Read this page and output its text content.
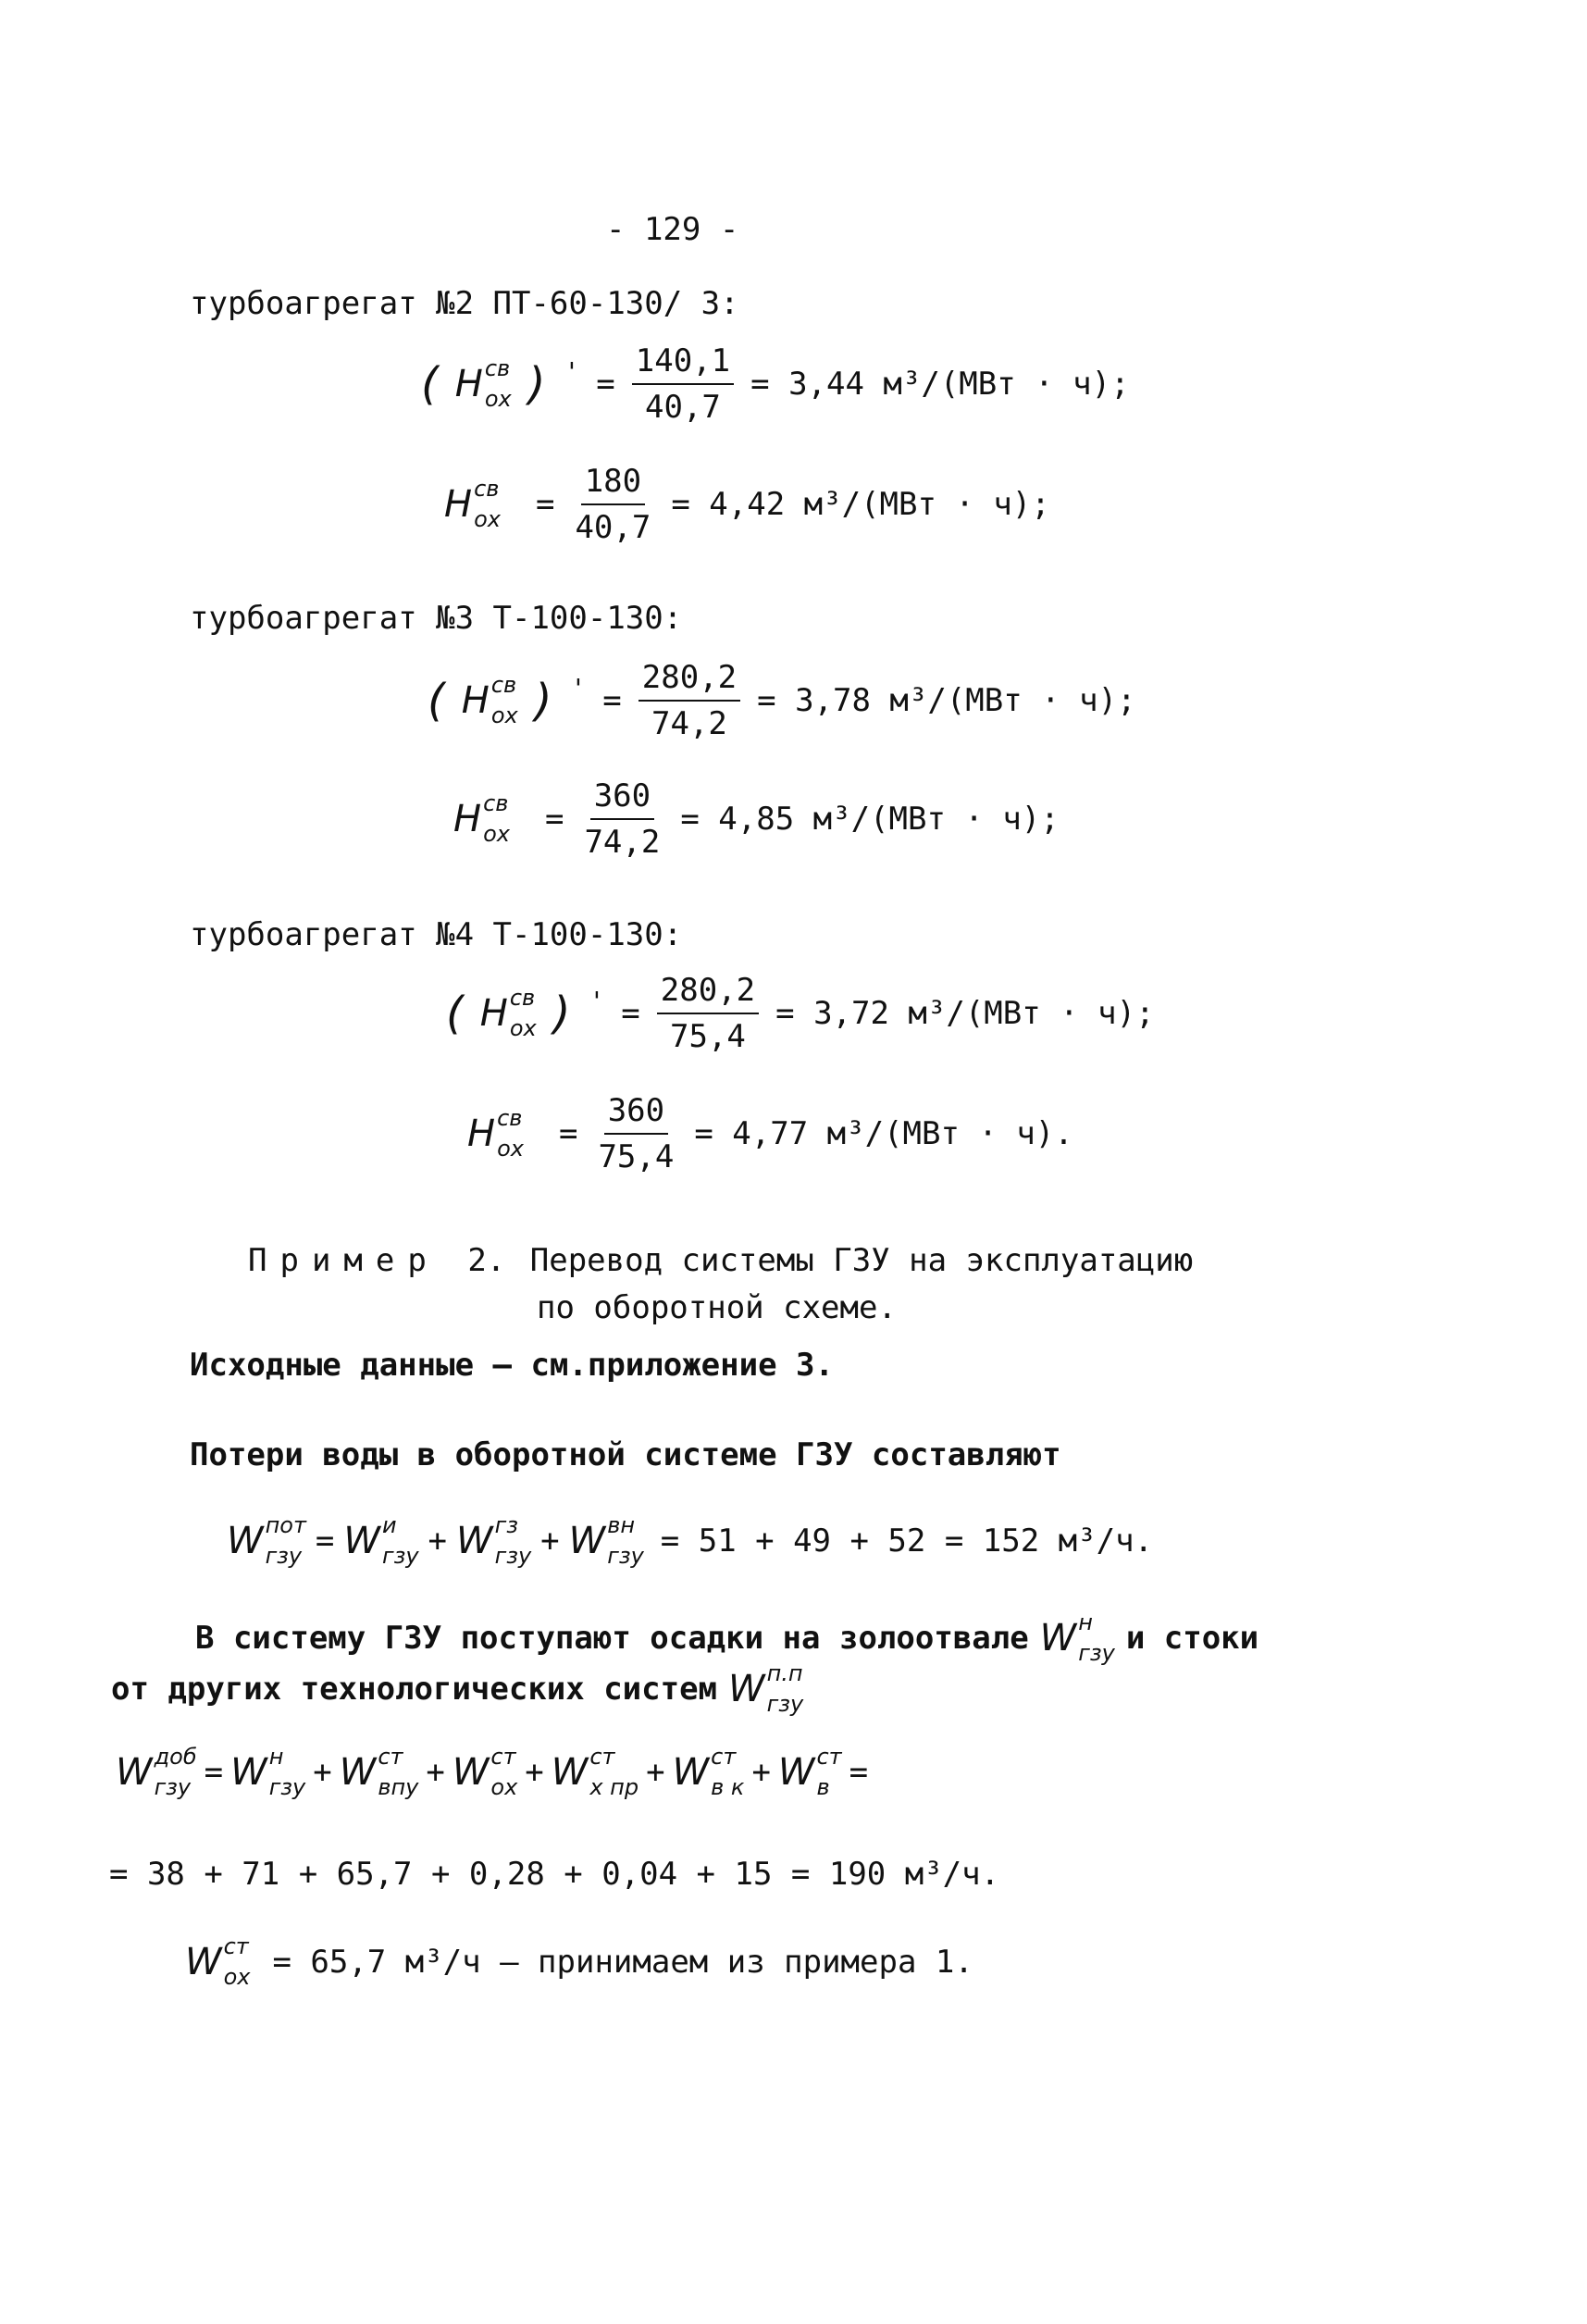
- 129 -
турбоагрегат №2 ПТ-60-130/ 3:
( H св
ох ) ' = $\frac{140,1}{40,7} = 3,44$ м³/(МВт · ч);
H св
ох = $\frac{180}{40,7} = 4,42$ м³/(МВт · ч);
турбоагрегат №3 Т-100-130:
( H св
ох ) ' = $\frac{280,2}{74,2} = 3,78$ м³/(МВт · ч);
H св
ох = $\frac{360}{74,2} = 4,85$ м³/(МВт · ч);
турбоагрегат №4 Т-100-130:
( H св
ох ) ' = $\frac{280,2}{75,4} = 3,72$ м³/(МВт · ч);
H св
ох = $\frac{360}{75,4} = 4,77$ м³/(МВт · ч).
Пример 2. Перевод системы ГЗУ на эксплуатацию
по оборотной схеме.
Исходные данные – см.приложение 3.
Потери воды в оборотной системе ГЗУ составляют
W пот
гзу = W и
гзу + W гз
гзу + W вн
гзу = 51 + 49 + 52 = 152 м³/ч.
В систему ГЗУ поступают осадки на золоотвале W н
гзу и стоки
от других технологических систем W п.п
гзу
W доб
гзу = W н
гзу + W ст
впу + W ст
ох + W ст
х пр + W ст
в к + W ст
в =
= 38 + 71 + 65,7 + 0,28 + 0,04 + 15 = 190 м³/ч.
W ст
ох = 65,7 м³/ч – принимаем из примера 1.
